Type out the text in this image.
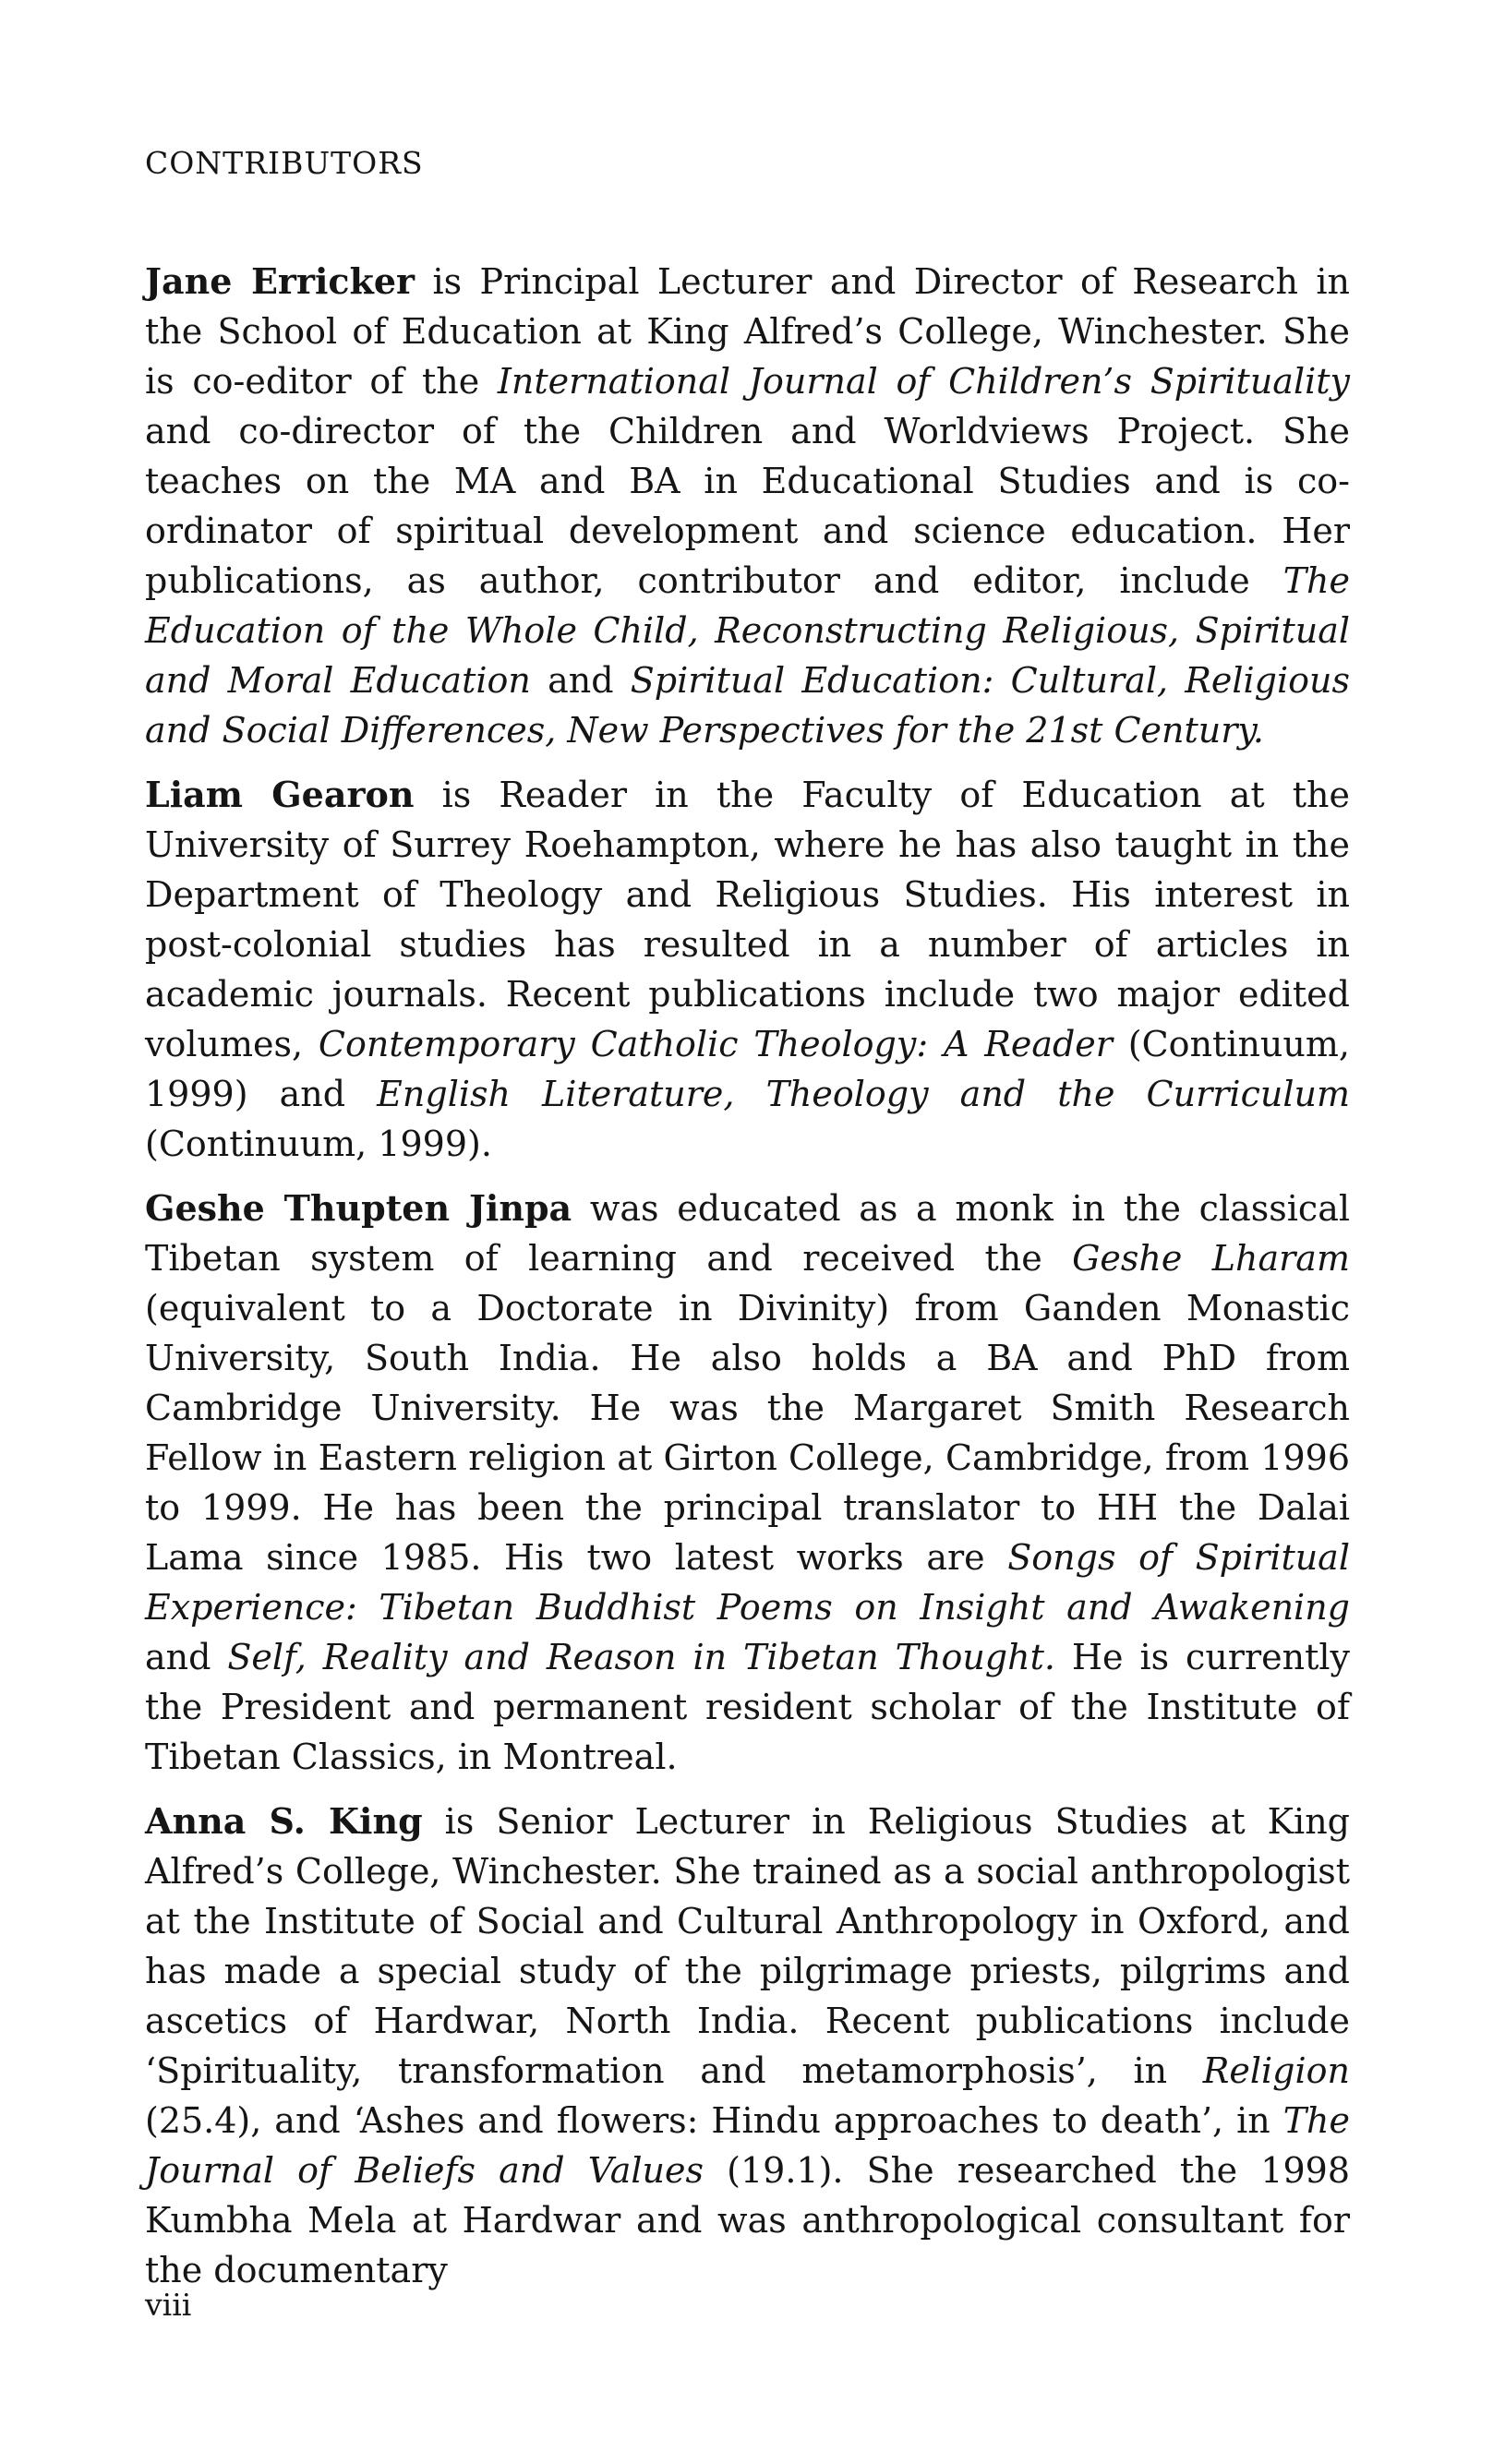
CONTRIBUTORS

Jane Erricker is Principal Lecturer and Director of Research in the School of Education at King Alfred’s College, Winchester. She is co-editor of the International Journal of Children’s Spirituality and co-director of the Children and Worldviews Project. She teaches on the MA and BA in Educational Studies and is co-ordinator of spiritual development and science education. Her publications, as author, contributor and editor, include The Education of the Whole Child, Reconstructing Religious, Spiritual and Moral Education and Spiritual Education: Cultural, Religious and Social Differences, New Perspectives for the 21st Century.

Liam Gearon is Reader in the Faculty of Education at the University of Surrey Roehampton, where he has also taught in the Department of Theology and Religious Studies. His interest in post-colonial studies has resulted in a number of articles in academic journals. Recent publications include two major edited volumes, Contemporary Catholic Theology: A Reader (Continuum, 1999) and English Literature, Theology and the Curriculum (Continuum, 1999).

Geshe Thupten Jinpa was educated as a monk in the classical Tibetan system of learning and received the Geshe Lharam (equivalent to a Doctorate in Divinity) from Ganden Monastic University, South India. He also holds a BA and PhD from Cambridge University. He was the Margaret Smith Research Fellow in Eastern religion at Girton College, Cambridge, from 1996 to 1999. He has been the principal translator to HH the Dalai Lama since 1985. His two latest works are Songs of Spiritual Experience: Tibetan Buddhist Poems on Insight and Awakening and Self, Reality and Reason in Tibetan Thought. He is currently the President and permanent resident scholar of the Institute of Tibetan Classics, in Montreal.

Anna S. King is Senior Lecturer in Religious Studies at King Alfred’s College, Winchester. She trained as a social anthropologist at the Institute of Social and Cultural Anthropology in Oxford, and has made a special study of the pilgrimage priests, pilgrims and ascetics of Hardwar, North India. Recent publications include ‘Spirituality, transformation and metamorphosis’, in Religion (25.4), and ‘Ashes and flowers: Hindu approaches to death’, in The Journal of Beliefs and Values (19.1). She researched the 1998 Kumbha Mela at Hardwar and was anthropological consultant for the documentary

viii
